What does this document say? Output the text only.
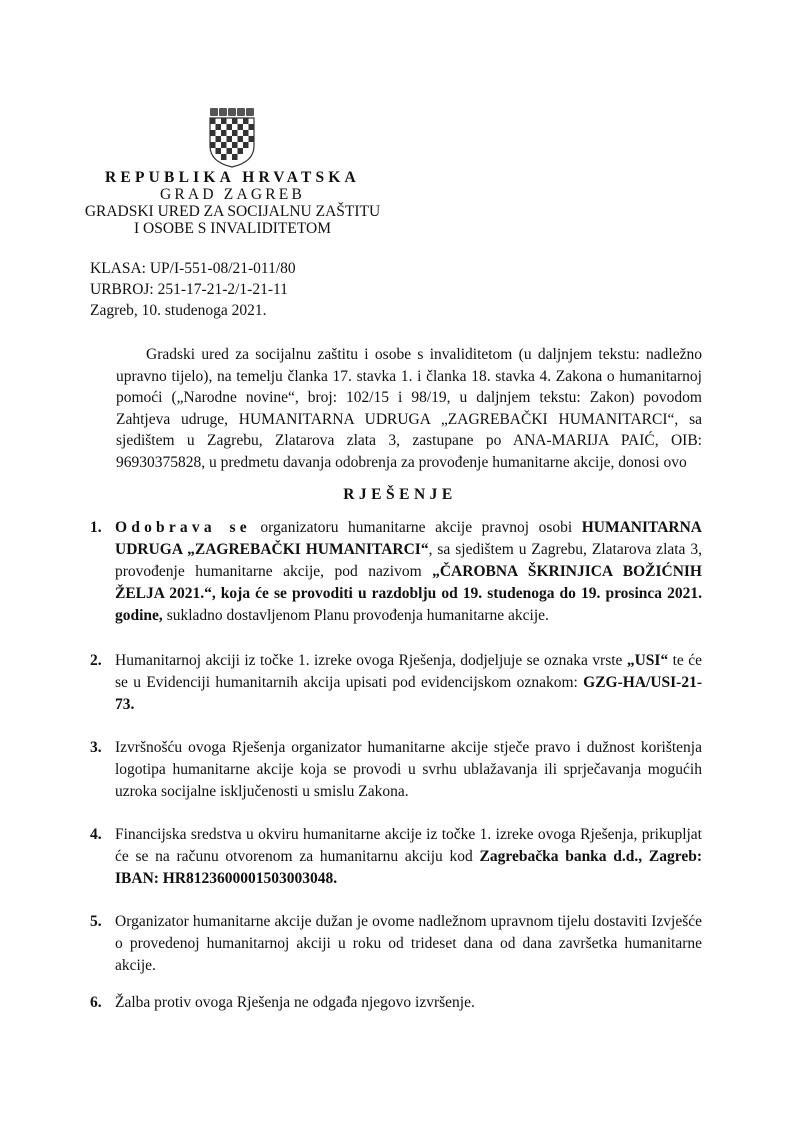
REPUBLIKA HRVATSKA
GRAD ZAGREB
GRADSKI URED ZA SOCIJALNU ZAŠTITU
I OSOBE S INVALIDITETOM
KLASA: UP/I-551-08/21-011/80
URBROJ: 251-17-21-2/1-21-11
Zagreb, 10. studenoga 2021.
Gradski ured za socijalnu zaštitu i osobe s invaliditetom (u daljnjem tekstu: nadležno upravno tijelo), na temelju članka 17. stavka 1. i članka 18. stavka 4. Zakona o humanitarnoj pomoći („Narodne novine“, broj: 102/15 i 98/19, u daljnjem tekstu: Zakon) povodom Zahtjeva udruge, HUMANITARNA UDRUGA „ZAGREBAČKI HUMANITARCI“, sa sjedištem u Zagrebu, Zlatarova zlata 3, zastupane po ANA-MARIJA PAIĆ, OIB: 96930375828, u predmetu davanja odobrenja za provođenje humanitarne akcije, donosi ovo
RJEŠENJE
1. Odobrava se organizatoru humanitarne akcije pravnoj osobi HUMANITARNA UDRUGA „ZAGREBAČKI HUMANITARCI“, sa sjedištem u Zagrebu, Zlatarova zlata 3, provođenje humanitarne akcije, pod nazivom „ČAROBNA ŠKRINJICA BOŽIĆNIH ŽELJA 2021.“, koja će se provoditi u razdoblju od 19. studenoga do 19. prosinca 2021. godine, sukladno dostavljenom Planu provođenja humanitarne akcije.
2. Humanitarnoj akciji iz točke 1. izreke ovoga Rješenja, dodjeljuje se oznaka vrste „USI“ te će se u Evidenciji humanitarnih akcija upisati pod evidencijskom oznakom: GZG-HA/USI-21-73.
3. Izvršnošću ovoga Rješenja organizator humanitarne akcije stječe pravo i dužnost korištenja logotipa humanitarne akcije koja se provodi u svrhu ublažavanja ili sprječavanja mogućih uzroka socijalne isključenosti u smislu Zakona.
4. Financijska sredstva u okviru humanitarne akcije iz točke 1. izreke ovoga Rješenja, prikupljat će se na računu otvorenom za humanitarnu akciju kod Zagrebačka banka d.d., Zagreb: IBAN: HR8123600001503003048.
5. Organizator humanitarne akcije dužan je ovome nadležnom upravnom tijelu dostaviti Izvješće o provedenoj humanitarnoj akciji u roku od trideset dana od dana završetka humanitarne akcije.
6. Žalba protiv ovoga Rješenja ne odgađa njegovo izvršenje.
